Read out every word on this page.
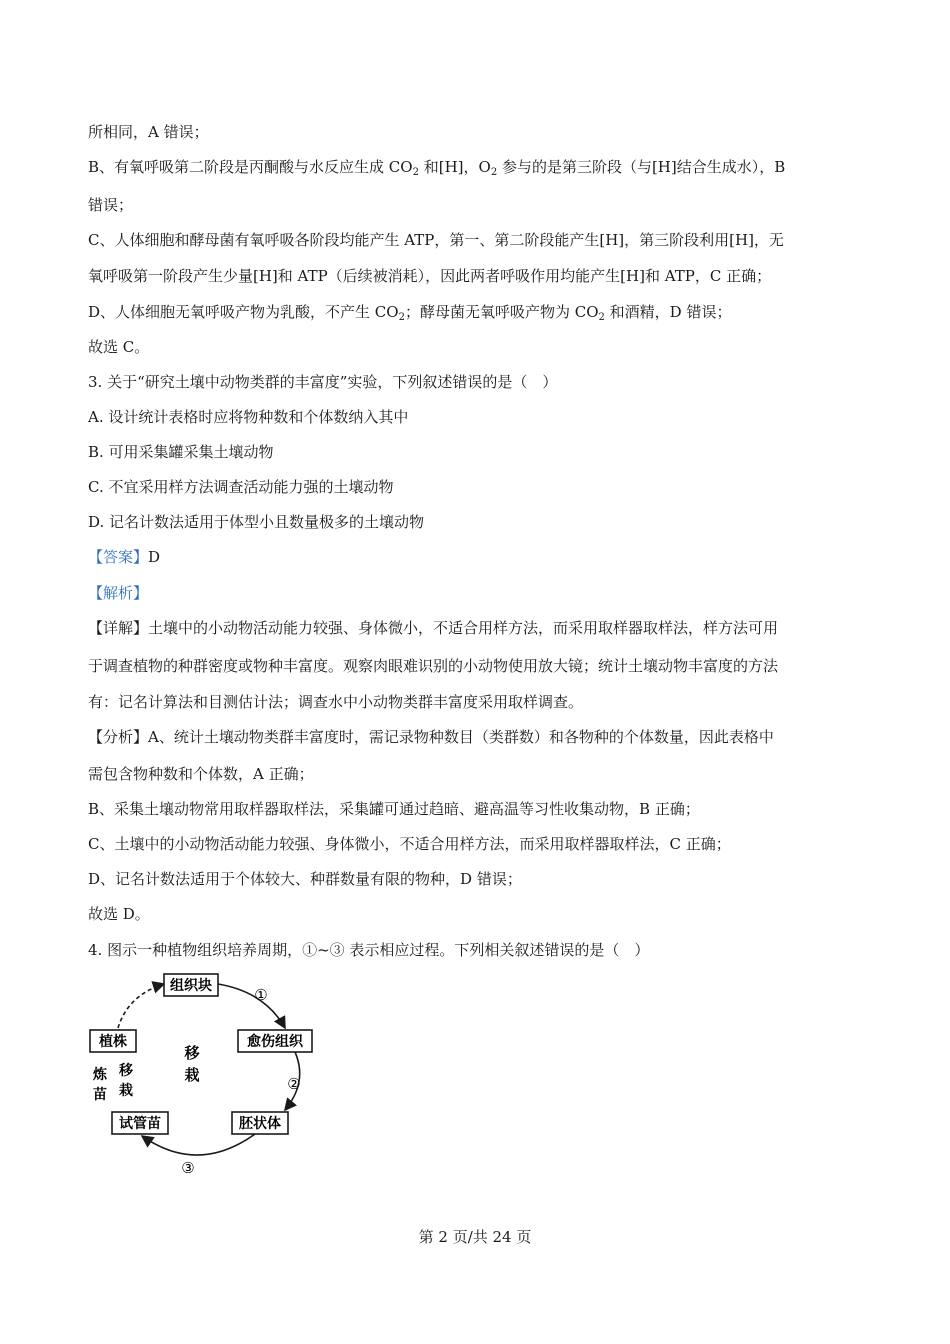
所相同，A 错误；
B、有氧呼吸第二阶段是丙酮酸与水反应生成 $CO_2$ 和[H]，$O_2$ 参与的是第三阶段（与[H]结合生成水），B
错误；
C、人体细胞和酵母菌有氧呼吸各阶段均能产生 ATP，第一、第二阶段能产生[H]，第三阶段利用[H]，无
氧呼吸第一阶段产生少量[H]和 ATP（后续被消耗），因此两者呼吸作用均能产生[H]和 ATP，C 正确；
D、人体细胞无氧呼吸产物为乳酸，不产生 $CO_2$；酵母菌无氧呼吸产物为 $CO_2$ 和酒精，D 错误；
故选 C。
3. 关于“研究土壤中动物类群的丰富度”实验，下列叙述错误的是（　）
A. 设计统计表格时应将物种数和个体数纳入其中
B. 可用采集罐采集土壤动物
C. 不宜采用样方法调查活动能力强的土壤动物
D. 记名计数法适用于体型小且数量极多的土壤动物
【答案】D
【解析】
【详解】土壤中的小动物活动能力较强、身体微小，不适合用样方法，而采用取样器取样法，样方法可用
于调查植物的种群密度或物种丰富度。观察肉眼难识别的小动物使用放大镜；统计土壤动物丰富度的方法
有：记名计算法和目测估计法；调查水中小动物类群丰富度采用取样调查。
【分析】A、统计土壤动物类群丰富度时，需记录物种数目（类群数）和各物种的个体数量，因此表格中
需包含物种数和个体数，A 正确；
B、采集土壤动物常用取样器取样法，采集罐可通过趋暗、避高温等习性收集动物，B 正确；
C、土壤中的小动物活动能力较强、身体微小，不适合用样方法，而采用取样器取样法，C 正确；
D、记名计数法适用于个体较大、种群数量有限的物种，D 错误；
故选 D。
4. 图示一种植物组织培养周期，①~③ 表示相应过程。下列相关叙述错误的是（　）
组织块
愈伤组织
胚状体
试管苗
植株
移
栽
①
②
③
炼
苗
移
栽
第 2 页/共 24 页
